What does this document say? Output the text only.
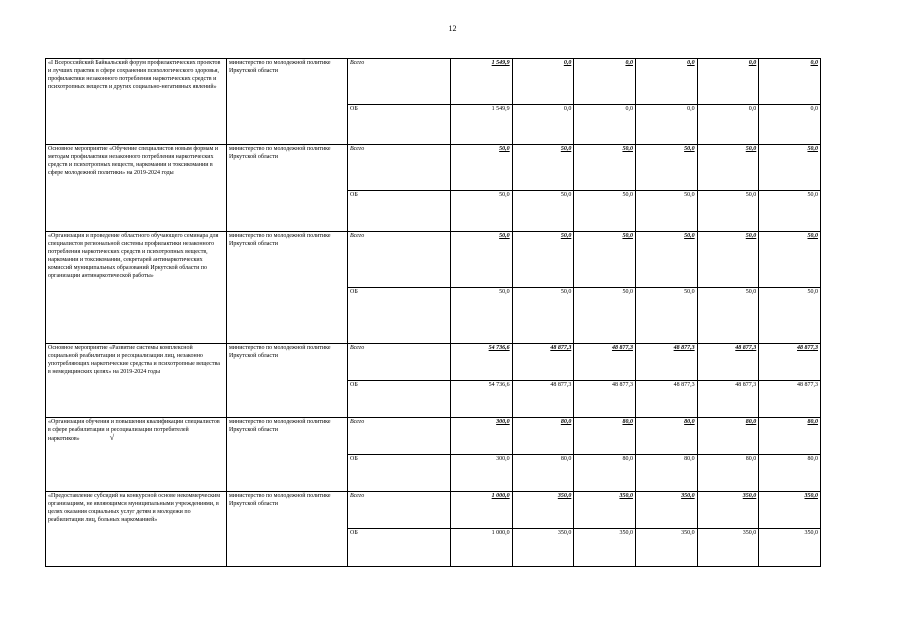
12
«I Всероссийский Байкальский форум профилактических проектов и лучших практик в сфере сохранения психологического здоровья, профилактики незаконного потребления наркотических средств и психотропных веществ и других социально-негативных явлений»	министерство по молодежной политике Иркутской области	Всего	1 549,9	0,0	0,0	0,0	0,0	0,0
		ОБ	1 549,9	0,0	0,0	0,0	0,0	0,0
Основное мероприятие «Обучение специалистов новым формам и методам профилактики незаконного потребления наркотических средств и психотропных веществ, наркомании и токсикомании в сфере молодежной политики» на 2019-2024 годы	министерство по молодежной политике Иркутской области	Всего	50,0	50,0	50,0	50,0	50,0	50,0
		ОБ	50,0	50,0	50,0	50,0	50,0	50,0
«Организация и проведение областного обучающего семинара для специалистов региональной системы профилактики незаконного потребления наркотических средств и психотропных веществ, наркомании и токсикомании, секретарей антинаркотических комиссий муниципальных образований Иркутской области по организации антинаркотической работы»	министерство по молодежной политике Иркутской области	Всего	50,0	50,0	50,0	50,0	50,0	50,0
		ОБ	50,0	50,0	50,0	50,0	50,0	50,0
Основное мероприятие «Развитие системы комплексной социальной реабилитации и ресоциализации лиц, незаконно употребляющих наркотические средства и психотропные вещества в немедицинских целях» на 2019-2024 годы	министерство по молодежной политике Иркутской области	Всего	54 736,6	48 877,3	48 877,3	48 877,3	48 877,3	48 877,3
		ОБ	54 736,6	48 877,3	48 877,3	48 877,3	48 877,3	48 877,3
«Организация обучения и повышения квалификации специалистов в сфере реабилитации и ресоциализации потребителей наркотиков» √	министерство по молодежной политике Иркутской области	Всего	300,0	80,0	80,0	80,0	80,0	80,0
		ОБ	300,0	80,0	80,0	80,0	80,0	80,0
«Предоставление субсидий на конкурсной основе некоммерческим организациям, не являющимся муниципальными учреждениями, в целях оказания социальных услуг детям и молодежи по реабилитации лиц, больных наркоманией»	министерство по молодежной политике Иркутской области	Всего	1 000,0	350,0	350,0	350,0	350,0	350,0
		ОБ	1 000,0	350,0	350,0	350,0	350,0	350,0
